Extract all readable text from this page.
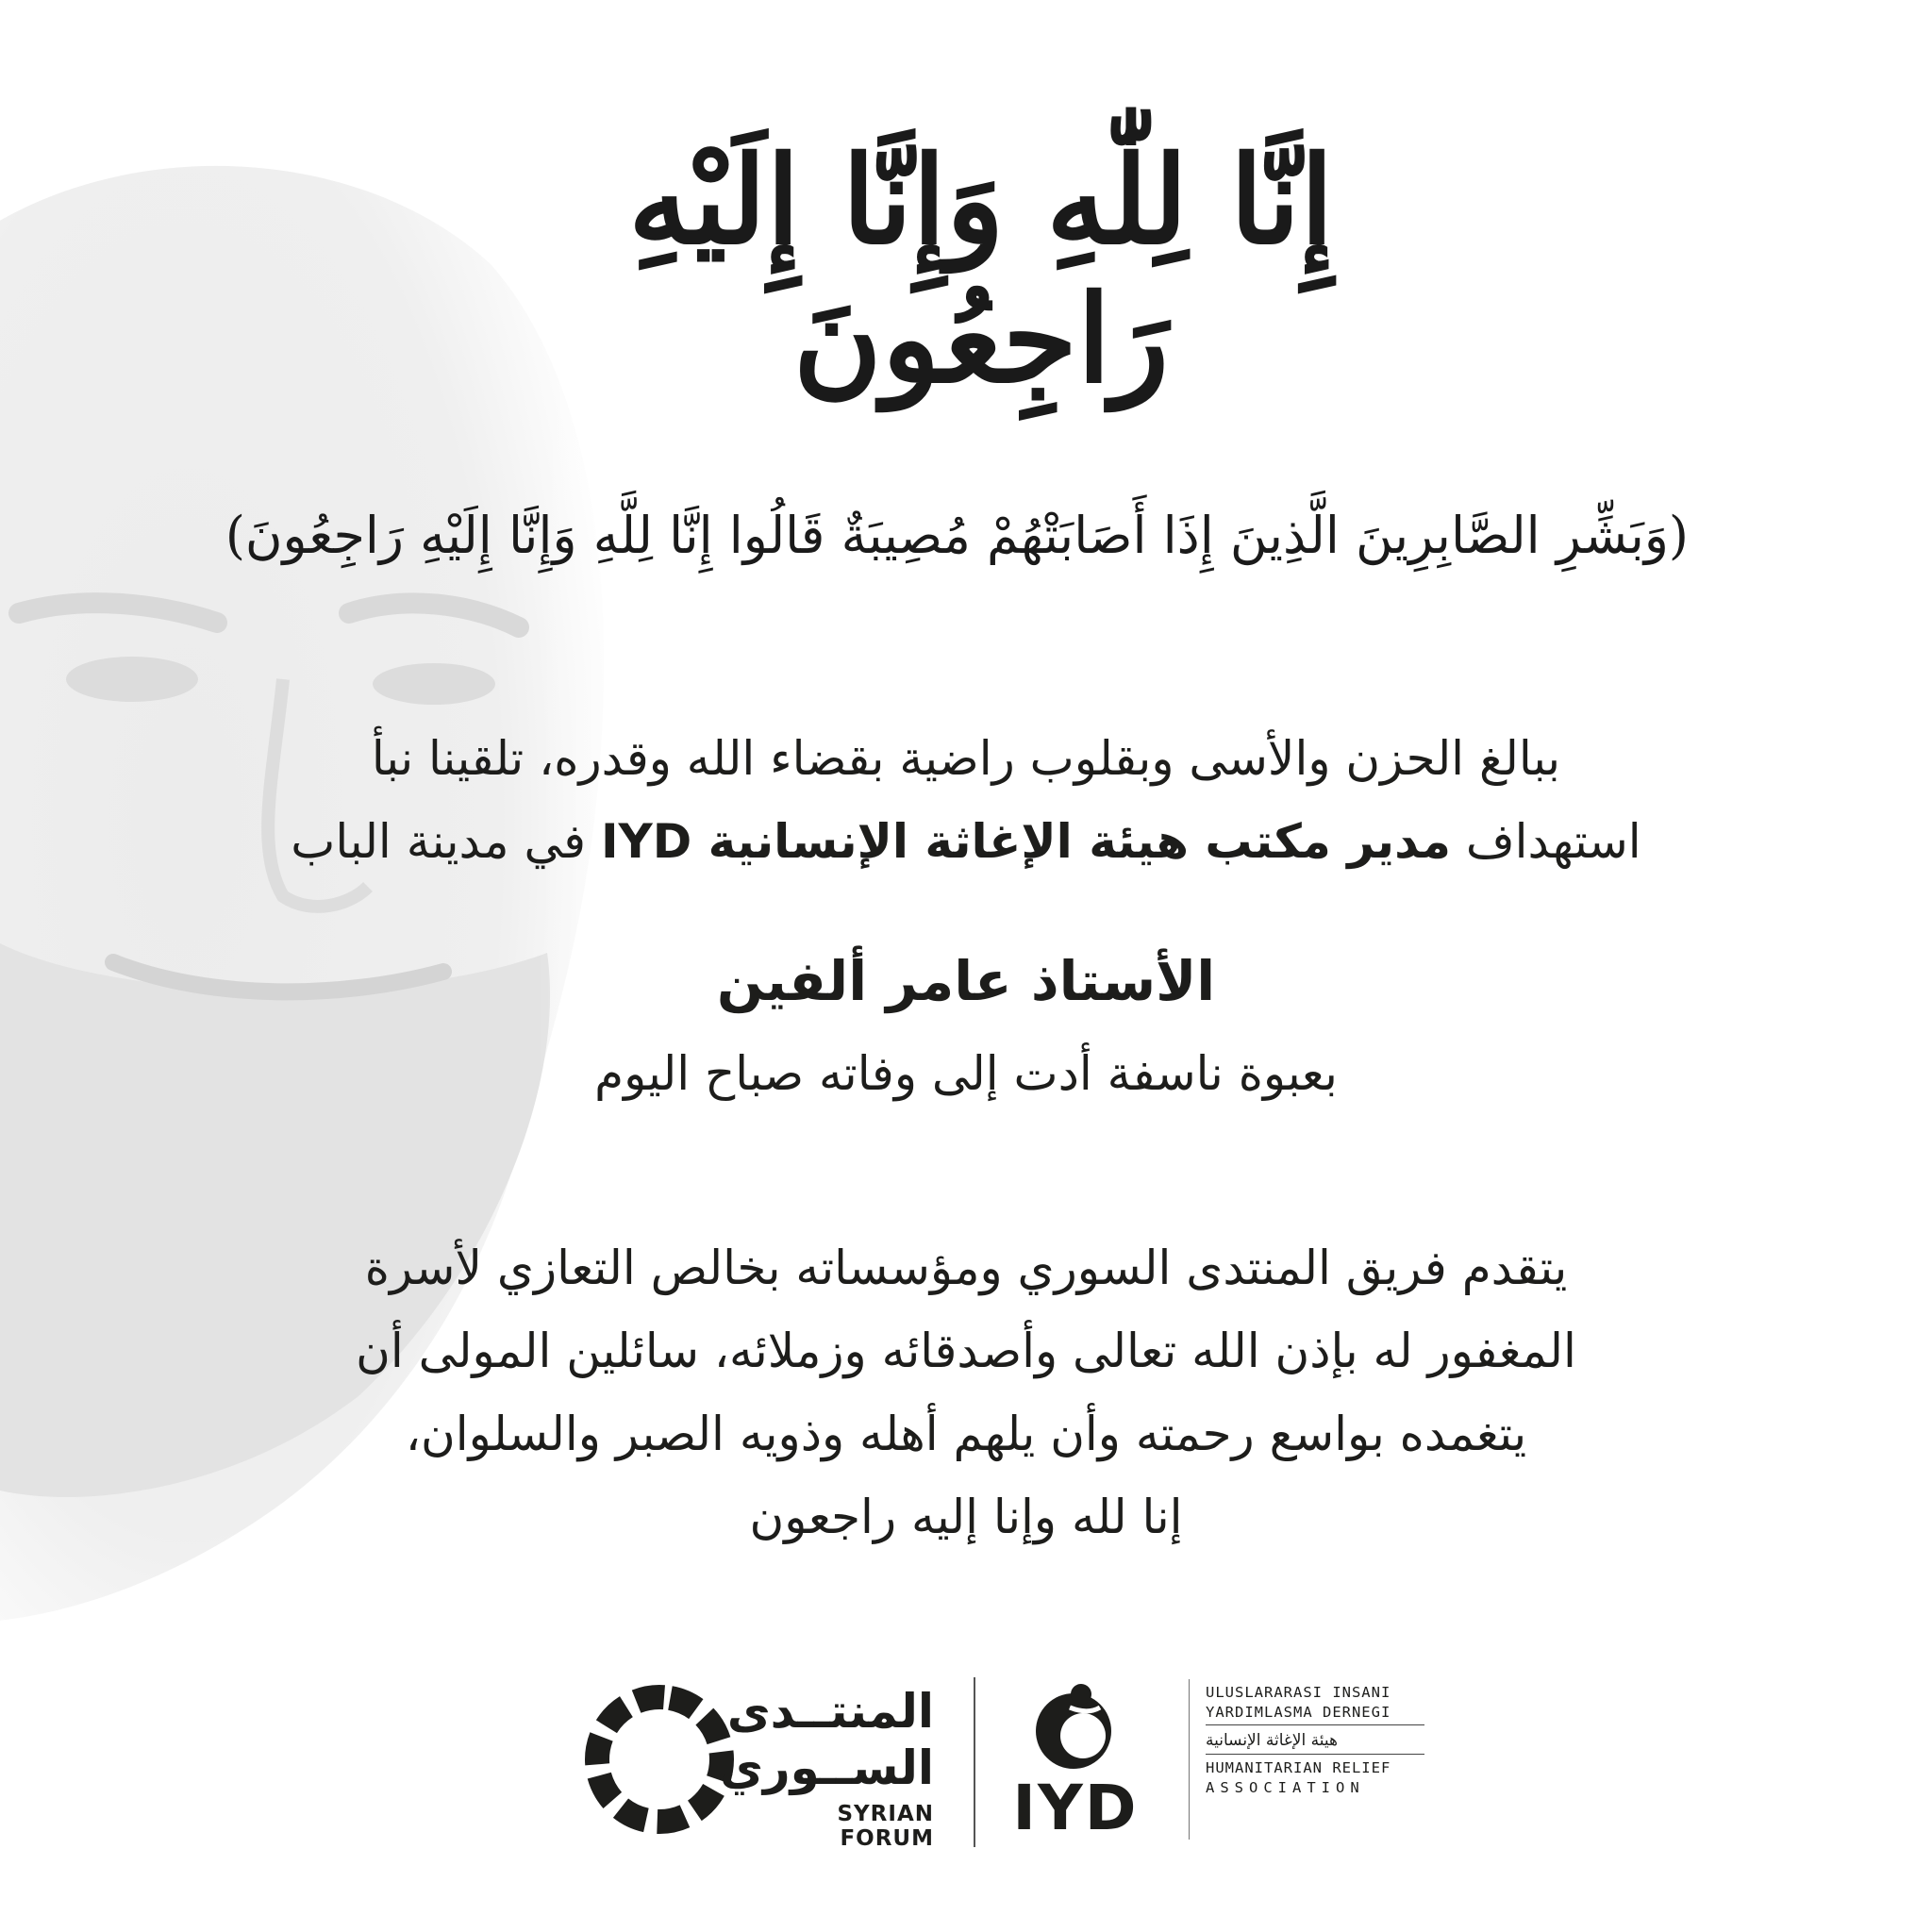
إِنَّا لِلّٰهِ وَإِنَّا إِلَيْهِ رَاجِعُونَ
(وَبَشِّرِ الصَّابِرِينَ الَّذِينَ إِذَا أَصَابَتْهُمْ مُصِيبَةٌ قَالُوا إِنَّا لِلَّهِ وَإِنَّا إِلَيْهِ رَاجِعُونَ)
ببالغ الحزن والأسى وبقلوب راضية بقضاء الله وقدره، تلقينا نبأ
استهداف مدير مكتب هيئة الإغاثة الإنسانية IYD في مدينة الباب
الأستاذ عامر ألفين
بعبوة ناسفة أدت إلى وفاته صباح اليوم
يتقدم فريق المنتدى السوري ومؤسساته بخالص التعازي لأسرة
المغفور له بإذن الله تعالى وأصدقائه وزملائه، سائلين المولى أن
يتغمده بواسع رحمته وأن يلهم أهله وذويه الصبر والسلوان،
إنا لله وإنا إليه راجعون
المنتــدى
الســوري
SYRIAN FORUM IYD
ULUSLARARASI INSANI
YARDIMLASMA DERNEGI
هيئة الإغاثة الإنسانية
HUMANITARIAN RELIEF
ASSOCIATION
